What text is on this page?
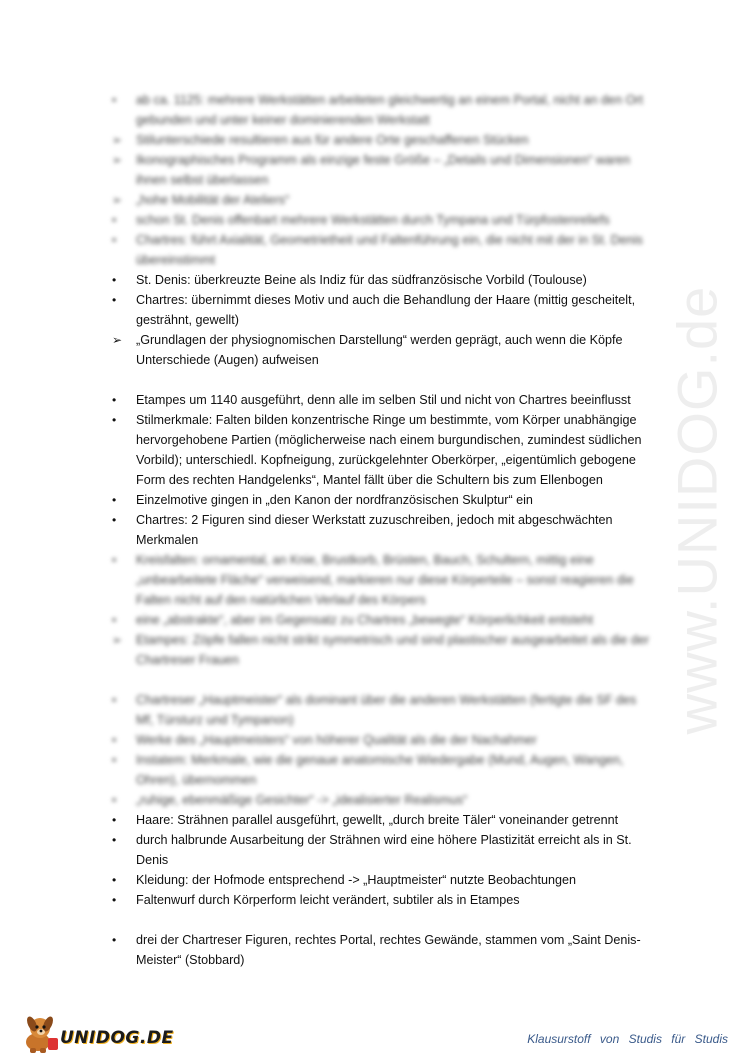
•	ab ca. 1125: mehrere Werkstätten arbeiteten gleichwertig an einem Portal, nicht an den Ort gebunden und unter keiner dominierenden Werkstatt
➢	Stilunterschiede resultieren aus für andere Orte geschaffenen Stücken
➢	Ikonographisches Programm als einzige feste Größe – „Details und Dimensionen“ waren ihnen selbst überlassen
➢	„hohe Mobilität der Ateliers“
•	schon St. Denis offenbart mehrere Werkstätten durch Tympana und Türpfostenreliefs
•	Chartres: führt Axialität, Geometrietheit und Faltenführung ein, die nicht mit der in St. Denis übereinstimmt
•	St. Denis: überkreuzte Beine als Indiz für das südfranzösische Vorbild (Toulouse)
•	Chartres: übernimmt dieses Motiv und auch die Behandlung der Haare (mittig gescheitelt, gesträhnt, gewellt)
➢	„Grundlagen der physiognomischen Darstellung“ werden geprägt, auch wenn die Köpfe Unterschiede (Augen) aufweisen
•	Etampes um 1140 ausgeführt, denn alle im selben Stil und nicht von Chartres beeinflusst
•	Stilmerkmale: Falten bilden konzentrische Ringe um bestimmte, vom Körper unabhängige hervorgehobene Partien (möglicherweise nach einem burgundischen, zumindest südlichen Vorbild); unterschiedl. Kopfneigung, zurückgelehnter Oberkörper, „eigentümlich gebogene Form des rechten Handgelenks“, Mantel fällt über die Schultern bis zum Ellenbogen
•	Einzelmotive gingen in „den Kanon der nordfranzösischen Skulptur“ ein
•	Chartres: 2 Figuren sind dieser Werkstatt zuzuschreiben, jedoch mit abgeschwächten Merkmalen
•	Kreisfalten: ornamental, an Knie, Brustkorb, Brüsten, Bauch, Schultern, mittig eine „unbearbeitete Fläche“ verweisend, markieren nur diese Körperteile – sonst reagieren die Falten nicht auf den natürlichen Verlauf des Körpers
•	eine „abstrakte“, aber im Gegensatz zu Chartres „bewegte“ Körperlichkeit entsteht
➢	Etampes: Zöpfe fallen nicht strikt symmetrisch und sind plastischer ausgearbeitet als die der Chartreser Frauen
•	Chartreser „Hauptmeister“ als dominant über die anderen Werkstätten (fertigte die SF des Mf, Türsturz und Tympanon)
•	Werke des „Hauptmeisters“ von höherer Qualität als die der Nachahmer
•	Instatem: Merkmale, wie die genaue anatomische Wiedergabe (Mund, Augen, Wangen, Ohren), übernommen
•	„ruhige, ebenmäßige Gesichter“ -> „idealisierter Realismus“
•	Haare: Strähnen parallel ausgeführt, gewellt, „durch breite Täler“ voneinander getrennt
•	durch halbrunde Ausarbeitung der Strähnen wird eine höhere Plastizität erreicht als in St. Denis
•	Kleidung: der Hofmode entsprechend -> „Hauptmeister“ nutzte Beobachtungen
•	Faltenwurf durch Körperform leicht verändert, subtiler als in Etampes
•	drei der Chartreser Figuren, rechtes Portal, rechtes Gewände, stammen vom „Saint Denis-Meister“ (Stobbard)
www.UNIDOG.de
UNIDOG.DE	Klausurstoff von Studis für Studis
